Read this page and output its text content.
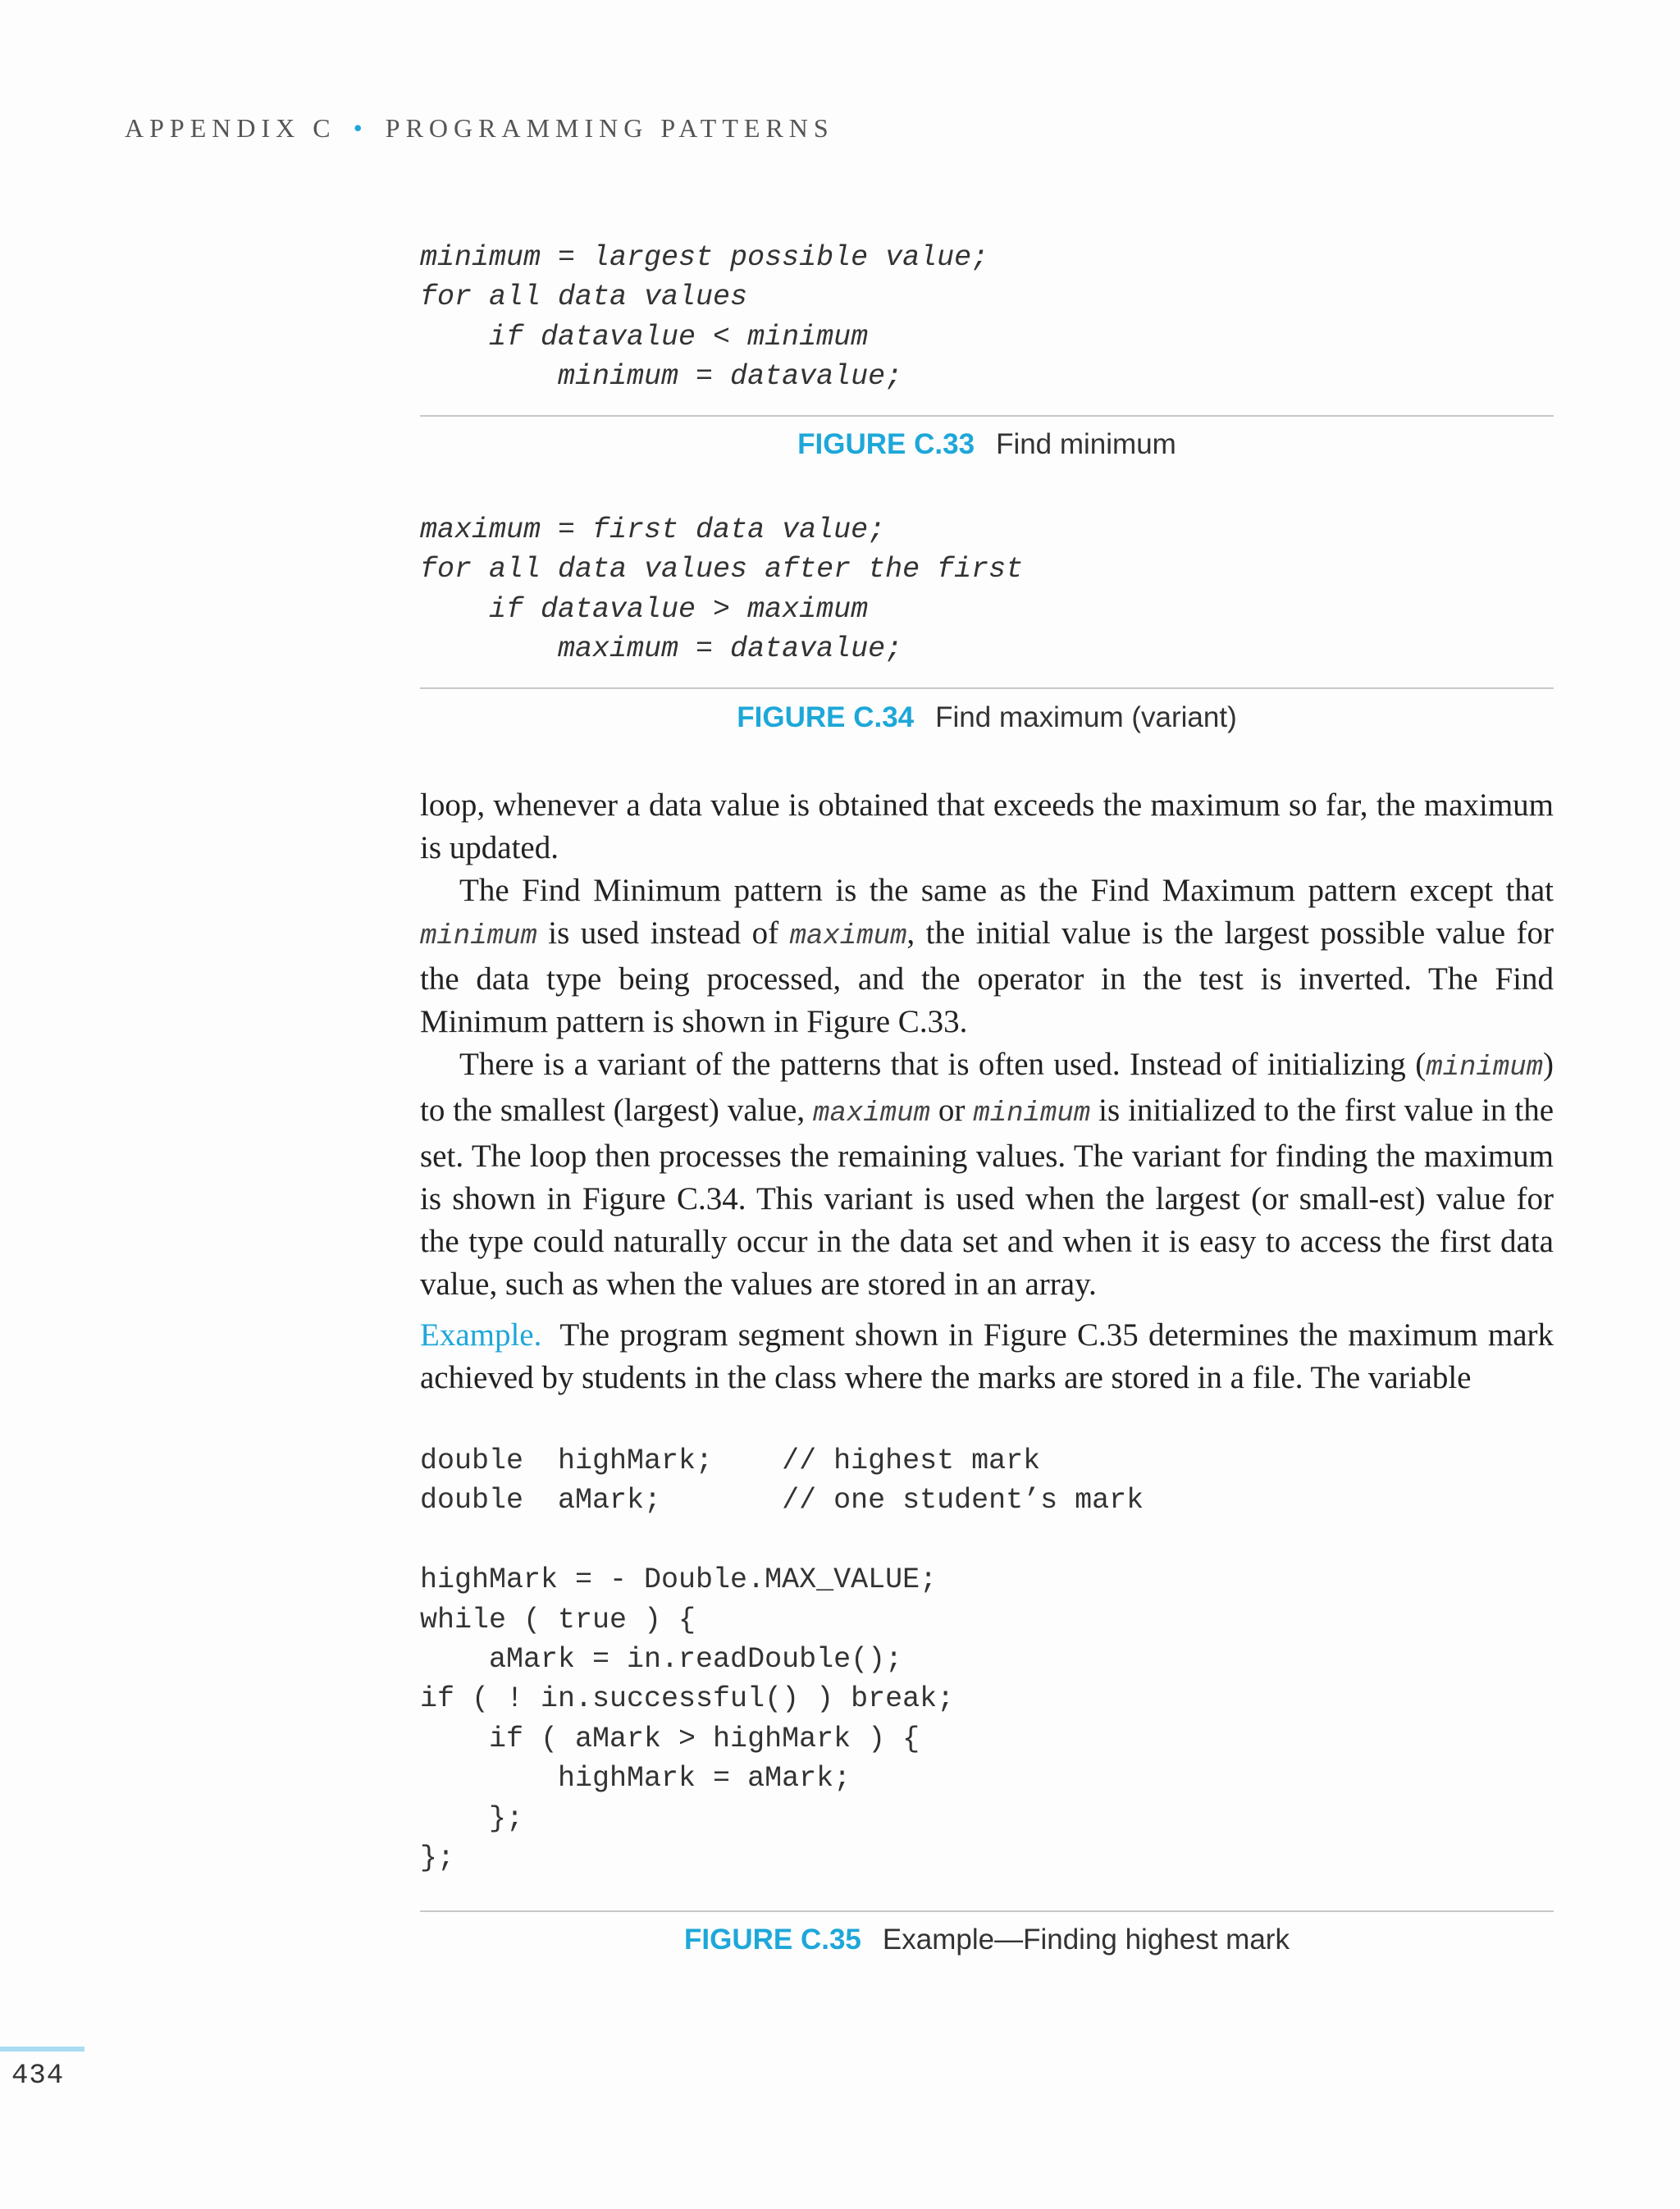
APPENDIX C • PROGRAMMING PATTERNS
minimum = largest possible value;
for all data values
if datavalue < minimum
minimum = datavalue;
FIGURE C.33 Find minimum
maximum = first data value;
for all data values after the first
if datavalue > maximum
maximum = datavalue;
FIGURE C.34 Find maximum (variant)

loop, whenever a data value is obtained that exceeds the maximum so far, the maximum is updated.

The Find Minimum pattern is the same as the Find Maximum pattern except that minimum is used instead of maximum, the initial value is the largest possible value for the data type being processed, and the operator in the test is inverted. The Find Minimum pattern is shown in Figure C.33.

There is a variant of the patterns that is often used. Instead of initializing (minimum) to the smallest (largest) value, maximum or minimum is initialized to the first value in the set. The loop then processes the remaining values. The variant for finding the maximum is shown in Figure C.34. This variant is used when the largest (or small-est) value for the type could naturally occur in the data set and when it is easy to access the first data value, such as when the values are stored in an array.

Example. The program segment shown in Figure C.35 determines the maximum mark achieved by students in the class where the marks are stored in a file. The variable

double  highMark;    // highest mark
double  aMark;       // one student’s mark

highMark = - Double.MAX_VALUE;
while ( true ) {
aMark = in.readDouble();
if ( ! in.successful() ) break;
if ( aMark > highMark ) {
highMark = aMark;
};
};
FIGURE C.35 Example—Finding highest mark
434
